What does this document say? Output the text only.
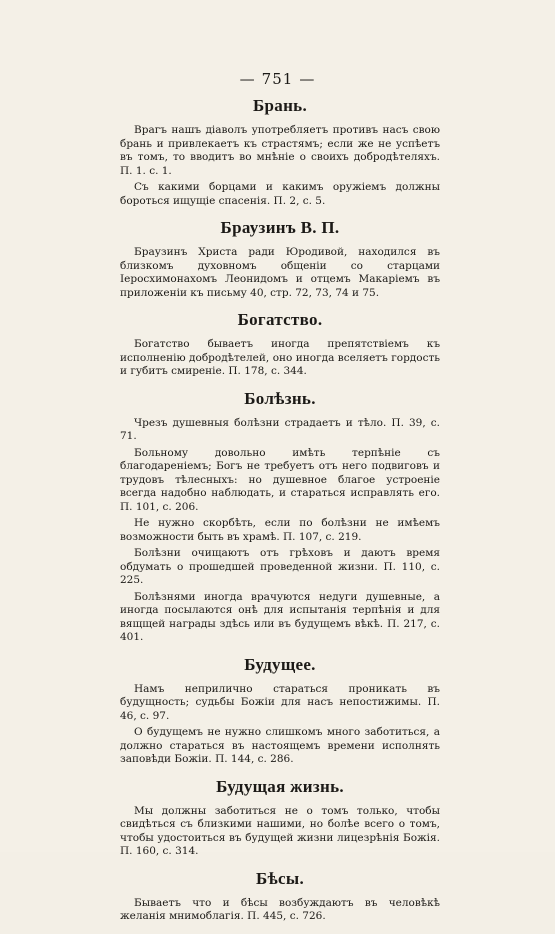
— 751 —
Брань.

Врагъ нашъ діаволъ употребляетъ противъ насъ свою брань и привлекаетъ къ страстямъ; если же не успѣетъ въ томъ, то вводитъ во мнѣніе о своихъ добродѣтеляхъ. П. 1. с. 1.

Съ какими борцами и какимъ оружіемъ должны бороться ищущіе спасенія. П. 2, с. 5.

Браузинъ В. П.

Браузинъ Христа ради Юродивой, находился въ близкомъ духовномъ общеніи со старцами Іеросхимонахомъ Леонидомъ и отцемъ Макаріемъ въ приложеніи къ письму 40, стр. 72, 73, 74 и 75.

Богатство.

Богатство бываетъ иногда препятствіемъ къ исполненію добродѣтелей, оно иногда вселяетъ гордость и губитъ смиреніе. П. 178, с. 344.

Болѣзнь.

Чрезъ душевныя болѣзни страдаетъ и тѣло. П. 39, с. 71.

Больному довольно имѣть терпѣніе съ благодареніемъ; Богъ не требуетъ отъ него подвиговъ и трудовъ тѣлесныхъ: но душевное благое устроеніе всегда надобно наблюдать, и стараться исправлять его. П. 101, с. 206.

Не нужно скорбѣть, если по болѣзни не имѣемъ возможности быть въ храмѣ. П. 107, с. 219.

Болѣзни очищаютъ отъ грѣховъ и даютъ время обдумать о прошедшей проведенной жизни. П. 110, с. 225.

Болѣзнями иногда врачуются недуги душевные, а иногда посылаются онѣ для испытанія терпѣнія и для вящщей награды здѣсь или въ будущемъ вѣкѣ. П. 217, с. 401.

Будущее.

Намъ неприлично стараться проникать въ будущность; судьбы Божіи для насъ непостижимы. П. 46, с. 97.

О будущемъ не нужно слишкомъ много заботиться, а должно стараться въ настоящемъ времени исполнять заповѣди Божіи. П. 144, с. 286.

Будущая жизнь.

Мы должны заботиться не о томъ только, чтобы свидѣться съ близкими нашими, но болѣе всего о томъ, чтобы удостоиться въ будущей жизни лицезрѣнія Божія. П. 160, с. 314.

Бѣсы.

Бываетъ что и бѣсы возбуждаютъ въ человѣкѣ желанія мнимоблагія. П. 445, с. 726.
